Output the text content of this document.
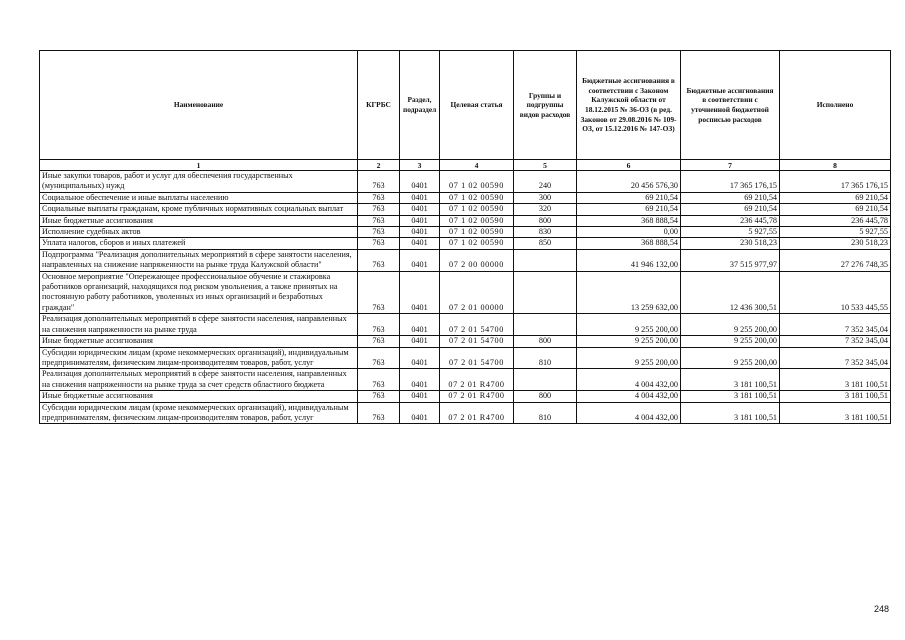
Наименование	КГРБС	Раздел, подраздел	Целевая статья	Группы и подгруппы видов расходов	Бюджетные ассигнования в соответствии с Законом Калужской области от 18.12.2015 № 36-ОЗ (в ред. Законов от 29.08.2016 № 109-ОЗ, от 15.12.2016 № 147-ОЗ)	Бюджетные ассигнования в соответствии с уточненной бюджетной росписью расходов	Исполнено
1	2	3	4	5	6	7	8
Иные закупки товаров, работ и услуг для обеспечения государственных (муниципальных) нужд	763	0401	07 1 02 00590	240	20 456 576,30	17 365 176,15	17 365 176,15
Социальное обеспечение и иные выплаты населению	763	0401	07 1 02 00590	300	69 210,54	69 210,54	69 210,54
Социальные выплаты гражданам, кроме публичных нормативных социальных выплат	763	0401	07 1 02 00590	320	69 210,54	69 210,54	69 210,54
Иные бюджетные ассигнования	763	0401	07 1 02 00590	800	368 888,54	236 445,78	236 445,78
Исполнение судебных актов	763	0401	07 1 02 00590	830	0,00	5 927,55	5 927,55
Уплата налогов, сборов и иных платежей	763	0401	07 1 02 00590	850	368 888,54	230 518,23	230 518,23
Подпрограмма "Реализация дополнительных мероприятий в сфере занятости населения, направленных на снижение напряженности на рынке труда Калужской области"	763	0401	07 2 00 00000		41 946 132,00	37 515 977,97	27 276 748,35
Основное мероприятие "Опережающее профессиональное обучение и стажировка работников организаций, находящихся под риском увольнения, а также принятых на постоянную работу работников, уволенных из иных организаций и безработных граждан"	763	0401	07 2 01 00000		13 259 632,00	12 436 300,51	10 533 445,55
Реализация дополнительных мероприятий в сфере занятости населения, направленных на снижения напряженности на рынке труда	763	0401	07 2 01 54700		9 255 200,00	9 255 200,00	7 352 345,04
Иные бюджетные ассигнования	763	0401	07 2 01 54700	800	9 255 200,00	9 255 200,00	7 352 345,04
Субсидии юридическим лицам (кроме некоммерческих организаций), индивидуальным предпринимателям, физическим лицам-производителям товаров, работ, услуг	763	0401	07 2 01 54700	810	9 255 200,00	9 255 200,00	7 352 345,04
Реализация дополнительных мероприятий в сфере занятости населения, направленных на снижения напряженности на рынке труда за счет средств областного бюджета	763	0401	07 2 01 R4700		4 004 432,00	3 181 100,51	3 181 100,51
Иные бюджетные ассигнования	763	0401	07 2 01 R4700	800	4 004 432,00	3 181 100,51	3 181 100,51
Субсидии юридическим лицам (кроме некоммерческих организаций), индивидуальным предпринимателям, физическим лицам-производителям товаров, работ, услуг	763	0401	07 2 01 R4700	810	4 004 432,00	3 181 100,51	3 181 100,51
248
